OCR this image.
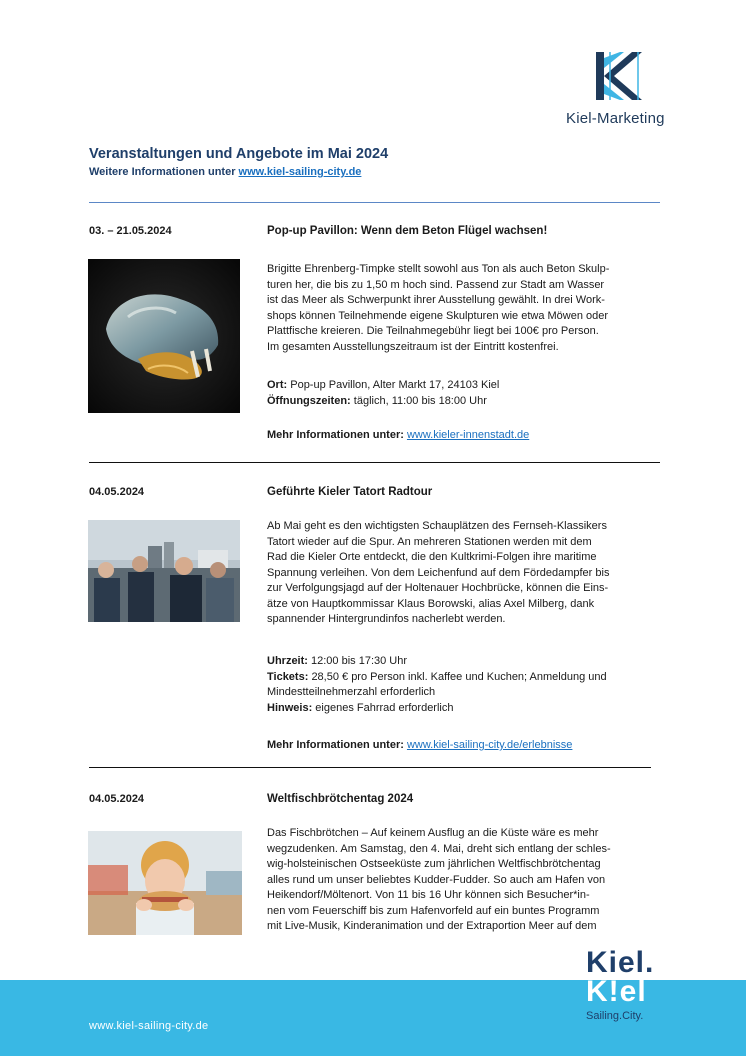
Kiel-Marketing
Veranstaltungen und Angebote im Mai 2024
Weitere Informationen unter www.kiel-sailing-city.de
03. – 21.05.2024	Pop-up Pavillon: Wenn dem Beton Flügel wachsen!
Brigitte Ehrenberg-Timpke stellt sowohl aus Ton als auch Beton Skulp-
turen her, die bis zu 1,50 m hoch sind. Passend zur Stadt am Wasser
ist das Meer als Schwerpunkt ihrer Ausstellung gewählt. In drei Work-
shops können Teilnehmende eigene Skulpturen wie etwa Möwen oder
Plattfische kreieren. Die Teilnahmegebühr liegt bei 100€ pro Person.
Im gesamten Ausstellungszeitraum ist der Eintritt kostenfrei.
Ort: Pop-up Pavillon, Alter Markt 17, 24103 Kiel
Öffnungszeiten: täglich, 11:00 bis 18:00 Uhr
Mehr Informationen unter: www.kieler-innenstadt.de
04.05.2024	Geführte Kieler Tatort Radtour
Ab Mai geht es den wichtigsten Schauplätzen des Fernseh-Klassikers
Tatort wieder auf die Spur. An mehreren Stationen werden mit dem
Rad die Kieler Orte entdeckt, die den Kultkrimi-Folgen ihre maritime
Spannung verleihen. Von dem Leichenfund auf dem Fördedampfer bis
zur Verfolgungsjagd auf der Holtenauer Hochbrücke, können die Eins-
ätze von Hauptkommissar Klaus Borowski, alias Axel Milberg, dank
spannender Hintergrundinfos nacherlebt werden.
Uhrzeit: 12:00 bis 17:30 Uhr
Tickets: 28,50 € pro Person inkl. Kaffee und Kuchen; Anmeldung und
Mindestteilnehmerzahl erforderlich
Hinweis: eigenes Fahrrad erforderlich
Mehr Informationen unter: www.kiel-sailing-city.de/erlebnisse
04.05.2024	Weltfischbrötchentag 2024
Das Fischbrötchen – Auf keinem Ausflug an die Küste wäre es mehr
wegzudenken. Am Samstag, den 4. Mai, dreht sich entlang der schles-
wig-holsteinischen Ostseeküste zum jährlichen Weltfischbrötchentag
alles rund um unser beliebtes Kudder-Fudder. So auch am Hafen von
Heikendorf/Möltenort. Von 11 bis 16 Uhr können sich Besucher*in-
nen vom Feuerschiff bis zum Hafenvorfeld auf ein buntes Programm
mit Live-Musik, Kinderanimation und der Extraportion Meer auf dem
www.kiel-sailing-city.de
Kiel.
K!el
Sailing.City.
